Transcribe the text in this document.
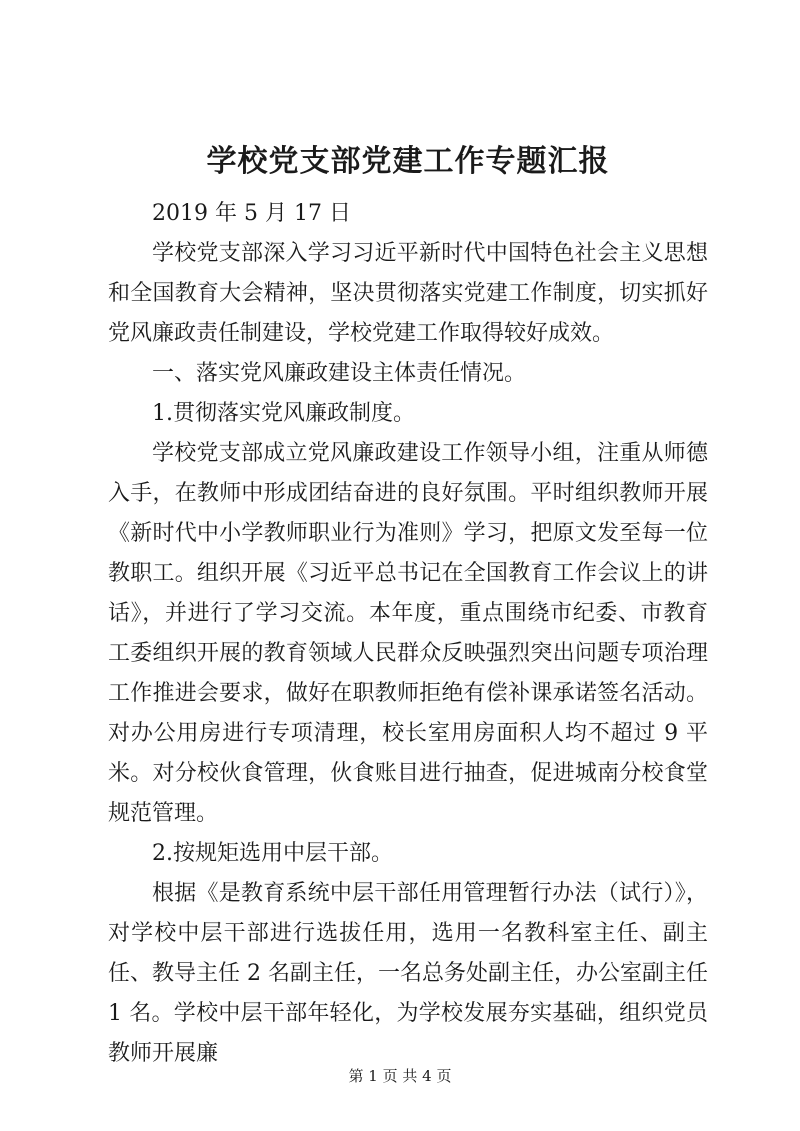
学校党支部党建工作专题汇报

2019 年 5 月 17 日

学校党支部深入学习习近平新时代中国特色社会主义思想和全国教育大会精神，坚决贯彻落实党建工作制度，切实抓好党风廉政责任制建设，学校党建工作取得较好成效。

一、落实党风廉政建设主体责任情况。

1.贯彻落实党风廉政制度。

学校党支部成立党风廉政建设工作领导小组，注重从师德入手，在教师中形成团结奋进的良好氛围。平时组织教师开展《新时代中小学教师职业行为准则》学习，把原文发至每一位教职工。组织开展《习近平总书记在全国教育工作会议上的讲话》，并进行了学习交流。本年度，重点围绕市纪委、市教育工委组织开展的教育领域人民群众反映强烈突出问题专项治理工作推进会要求，做好在职教师拒绝有偿补课承诺签名活动。对办公用房进行专项清理，校长室用房面积人均不超过 9 平米。对分校伙食管理，伙食账目进行抽查，促进城南分校食堂规范管理。

2.按规矩选用中层干部。

根据《是教育系统中层干部任用管理暂行办法（试行）》，对学校中层干部进行选拔任用，选用一名教科室主任、副主任、教导主任 2 名副主任，一名总务处副主任，办公室副主任 1 名。学校中层干部年轻化，为学校发展夯实基础，组织党员教师开展廉

第 1 页 共 4 页
